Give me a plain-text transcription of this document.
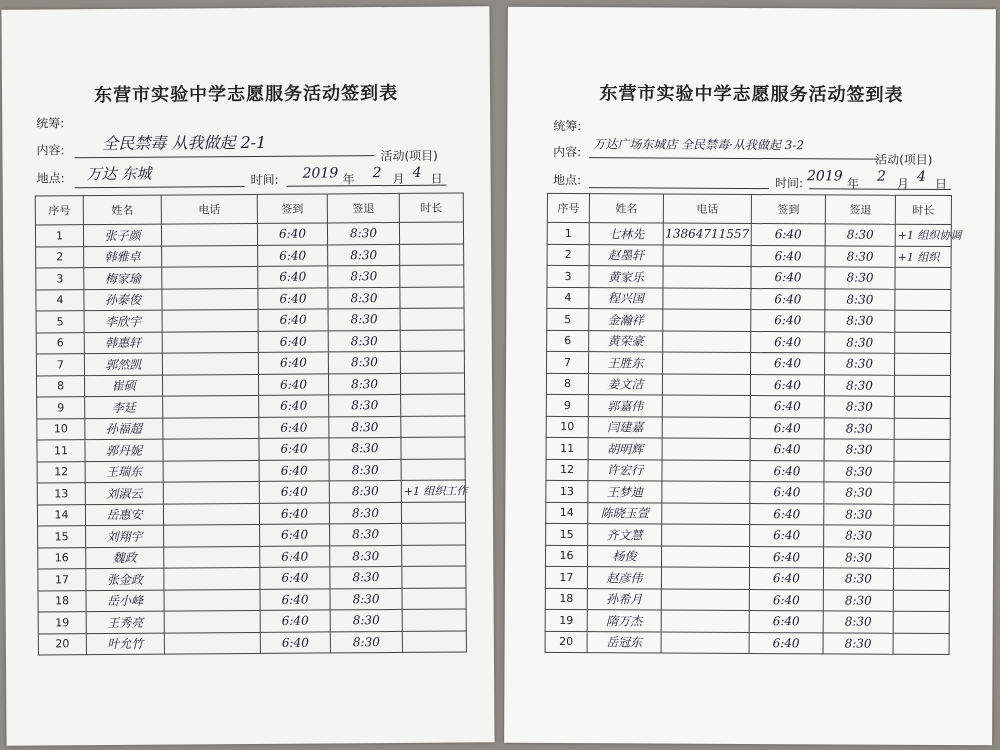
东营市实验中学志愿服务活动签到表
统筹:
内容: 全民禁毒 从我做起 2-1
活动(项目)
地点: 万达 东城	时间: 2019 年 2 月 4 日
序号	姓名	电话	签到	签退	时长
1	张子颜		6:40	8:30	
2	韩雅卓		6:40	8:30	
3	梅家瑜		6:40	8:30	
4	孙泰俊		6:40	8:30	
5	李欣宇		6:40	8:30	
6	韩惠轩		6:40	8:30	
7	郭然凯		6:40	8:30	
8	崔硕		6:40	8:30	
9	李廷		6:40	8:30	
10	孙福超		6:40	8:30	
11	郭丹妮		6:40	8:30	
12	王瑞东		6:40	8:30	
13	刘淑云		6:40	8:30	+1 组织工作
14	岳惠安		6:40	8:30	
15	刘翔宇		6:40	8:30	
16	魏政		6:40	8:30	
17	张金政		6:40	8:30	
18	岳小峰		6:40	8:30	
19	王秀亮		6:40	8:30	
20	叶允竹		6:40	8:30	
东营市实验中学志愿服务活动签到表
统筹:
内容: 万达广场东城店 全民禁毒·从我做起 3-2
活动(项目)
地点:	时间: 2019 年 2 月 4 日
序号	姓名	电话	签到	签退	时长
1	七林先	13864711557	6:40	8:30	+1 组织协调
2	赵墨轩		6:40	8:30	+1 组织
3	黄家乐		6:40	8:30	
4	程兴国		6:40	8:30	
5	金瀚祥		6:40	8:30	
6	黄荣豪		6:40	8:30	
7	王胜东		6:40	8:30	
8	姜文洁		6:40	8:30	
9	郭嘉伟		6:40	8:30	
10	闫建嘉		6:40	8:30	
11	胡明辉		6:40	8:30	
12	许宏行		6:40	8:30	
13	王梦迪		6:40	8:30	
14	陈晓玉萱		6:40	8:30	
15	齐文慧		6:40	8:30	
16	杨俊		6:40	8:30	
17	赵彦伟		6:40	8:30	
18	孙希月		6:40	8:30	
19	隋万杰		6:40	8:30	
20	岳冠东		6:40	8:30	
